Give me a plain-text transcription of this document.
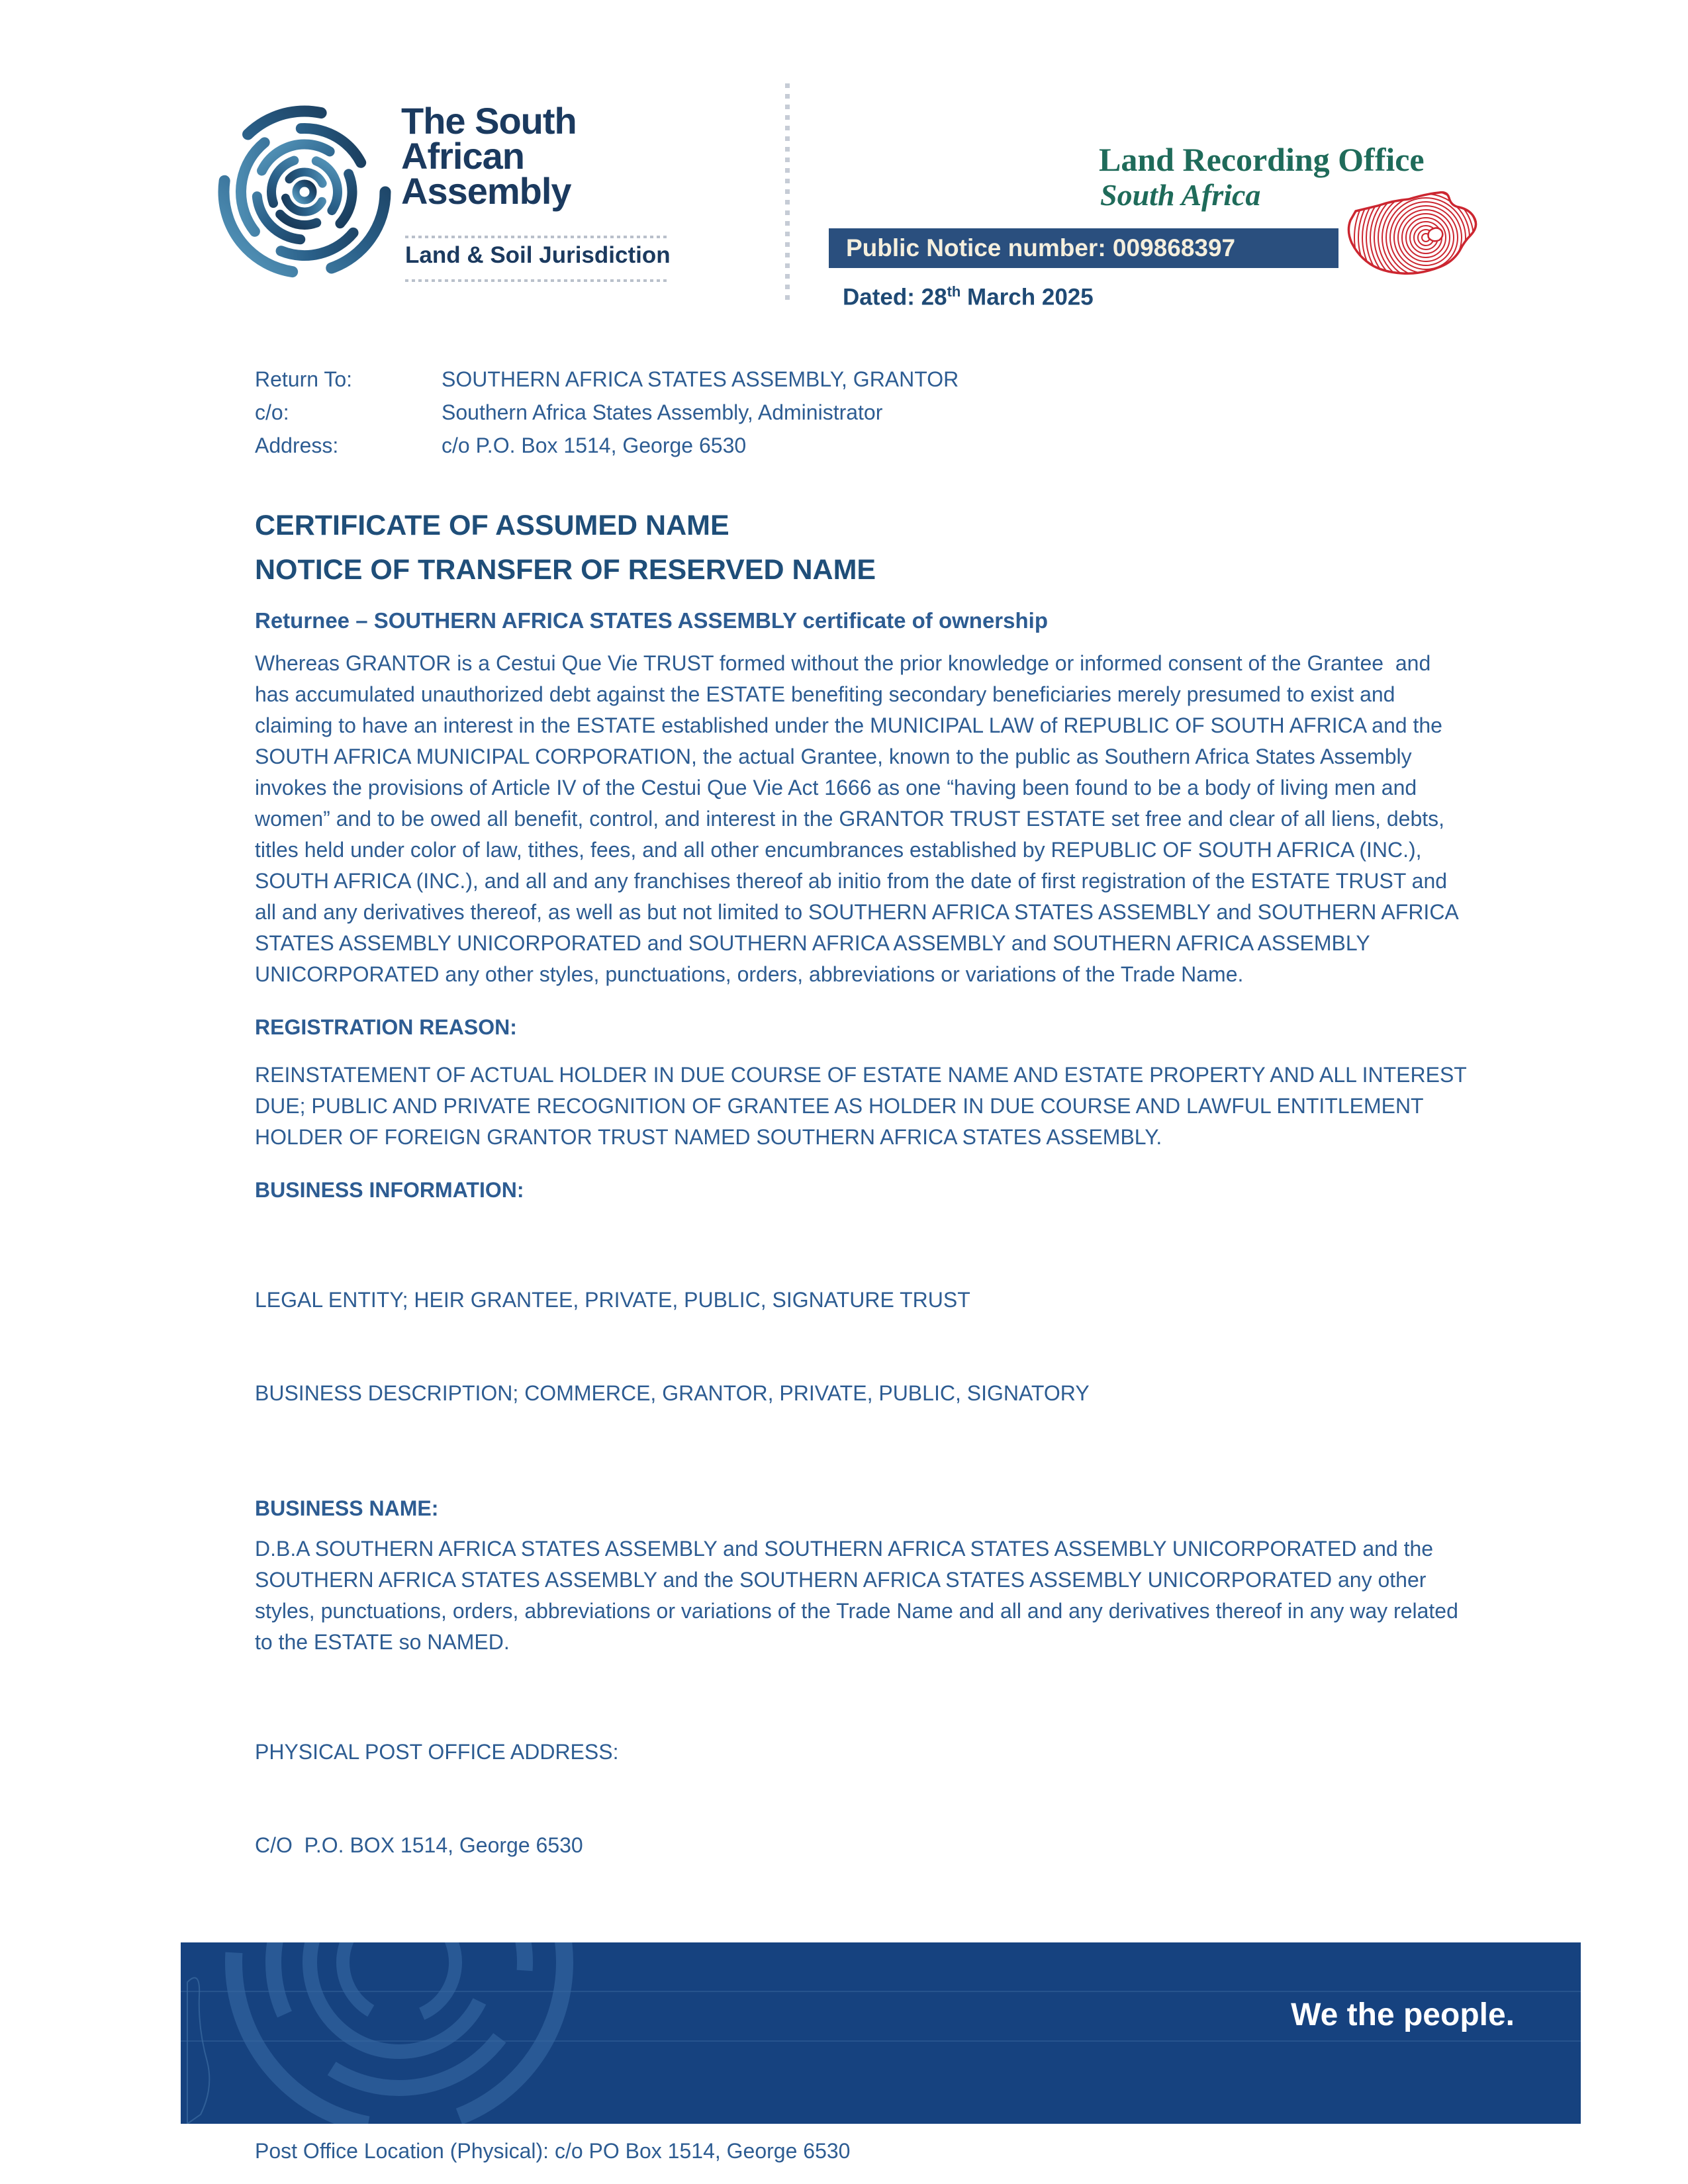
The South
African
Assembly
Land & Soil Jurisdiction
Land Recording Office
South Africa
Public Notice number: 009868397
Dated: 28th March 2025
Return To:	SOUTHERN AFRICA STATES ASSEMBLY, GRANTOR
c/o:	Southern Africa States Assembly, Administrator
Address:	c/o P.O. Box 1514, George 6530
CERTIFICATE OF ASSUMED NAME
NOTICE OF TRANSFER OF RESERVED NAME
Returnee – SOUTHERN AFRICA STATES ASSEMBLY certificate of ownership
Whereas GRANTOR is a Cestui Que Vie TRUST formed without the prior knowledge or informed consent of the Grantee  and has accumulated unauthorized debt against the ESTATE benefiting secondary beneficiaries merely presumed to exist and claiming to have an interest in the ESTATE established under the MUNICIPAL LAW of REPUBLIC OF SOUTH AFRICA and the SOUTH AFRICA MUNICIPAL CORPORATION, the actual Grantee, known to the public as Southern Africa States Assembly invokes the provisions of Article IV of the Cestui Que Vie Act 1666 as one “having been found to be a body of living men and women” and to be owed all benefit, control, and interest in the GRANTOR TRUST ESTATE set free and clear of all liens, debts, titles held under color of law, tithes, fees, and all other encumbrances established by REPUBLIC OF SOUTH AFRICA (INC.), SOUTH AFRICA (INC.), and all and any franchises thereof ab initio from the date of first registration of the ESTATE TRUST and all and any derivatives thereof, as well as but not limited to SOUTHERN AFRICA STATES ASSEMBLY and SOUTHERN AFRICA STATES ASSEMBLY UNICORPORATED and SOUTHERN AFRICA ASSEMBLY and SOUTHERN AFRICA ASSEMBLY UNICORPORATED any other styles, punctuations, orders, abbreviations or variations of the Trade Name.
REGISTRATION REASON:
REINSTATEMENT OF ACTUAL HOLDER IN DUE COURSE OF ESTATE NAME AND ESTATE PROPERTY AND ALL INTEREST DUE; PUBLIC AND PRIVATE RECOGNITION OF GRANTEE AS HOLDER IN DUE COURSE AND LAWFUL ENTITLEMENT HOLDER OF FOREIGN GRANTOR TRUST NAMED SOUTHERN AFRICA STATES ASSEMBLY.
BUSINESS INFORMATION:

LEGAL ENTITY; HEIR GRANTEE, PRIVATE, PUBLIC, SIGNATURE TRUST

BUSINESS DESCRIPTION; COMMERCE, GRANTOR, PRIVATE, PUBLIC, SIGNATORY

BUSINESS NAME:
D.B.A SOUTHERN AFRICA STATES ASSEMBLY and SOUTHERN AFRICA STATES ASSEMBLY UNICORPORATED and the SOUTHERN AFRICA STATES ASSEMBLY and the SOUTHERN AFRICA STATES ASSEMBLY UNICORPORATED any other styles, punctuations, orders, abbreviations or variations of the Trade Name and all and any derivatives thereof in any way related to the ESTATE so NAMED.

PHYSICAL POST OFFICE ADDRESS:

C/O  P.O. BOX 1514, George 6530

Post Office Location (Physical): c/o PO Box 1514, George 6530
We the people.
